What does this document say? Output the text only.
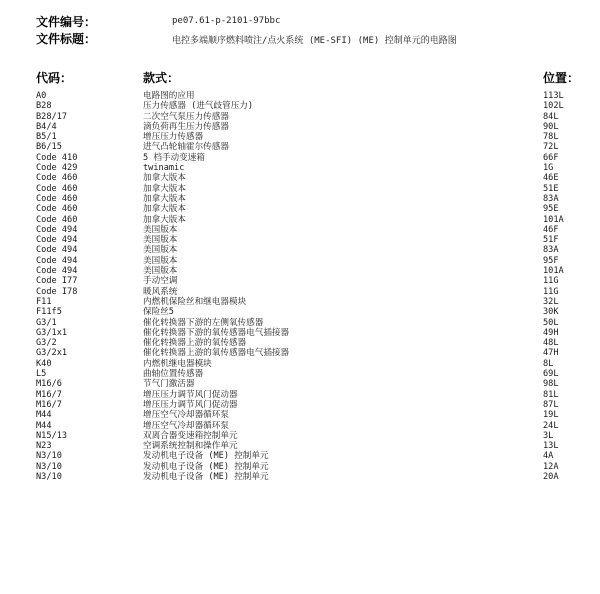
文件编号：	pe07.61-p-2101-97bbc
文件标题：	电控多端顺序燃料喷注/点火系统 (ME-SFI) (ME) 控制单元的电路图
代码：	款式：	位置：
A0	电路图的应用	113L
B28	压力传感器 (进气歧管压力)	102L
B28/17	二次空气泵压力传感器	84L
B4/4	滴负荷再生压力传感器	90L
B5/1	增压压力传感器	78L
B6/15	进气凸轮轴霍尔传感器	72L
Code 410	5 档手动变速箱	66F
Code 429	twinamic	1G
Code 460	加拿大版本	46E
Code 460	加拿大版本	51E
Code 460	加拿大版本	83A
Code 460	加拿大版本	95E
Code 460	加拿大版本	101A
Code 494	美国版本	46F
Code 494	美国版本	51F
Code 494	美国版本	83A
Code 494	美国版本	95F
Code 494	美国版本	101A
Code I77	手动空调	11G
Code I78	暖风系统	11G
F11	内燃机保险丝和继电器模块	32L
F11f5	保险丝5	30K
G3/1	催化转换器下游的左侧氧传感器	50L
G3/1x1	催化转换器下游的氧传感器电气插接器	49H
G3/2	催化转换器上游的氧传感器	48L
G3/2x1	催化转换器上游的氧传感器电气插接器	47H
K40	内燃机继电器模块	8L
L5	曲轴位置传感器	69L
M16/6	节气门激活器	98L
M16/7	增压压力调节风门促动器	81L
M16/7	增压压力调节风门促动器	87L
M44	增压空气冷却器循环泵	19L
M44	增压空气冷却器循环泵	24L
N15/13	双离合器变速箱控制单元	3L
N23	空调系统控制和操作单元	13L
N3/10	发动机电子设备 (ME) 控制单元	4A
N3/10	发动机电子设备 (ME) 控制单元	12A
N3/10	发动机电子设备 (ME) 控制单元	20A
